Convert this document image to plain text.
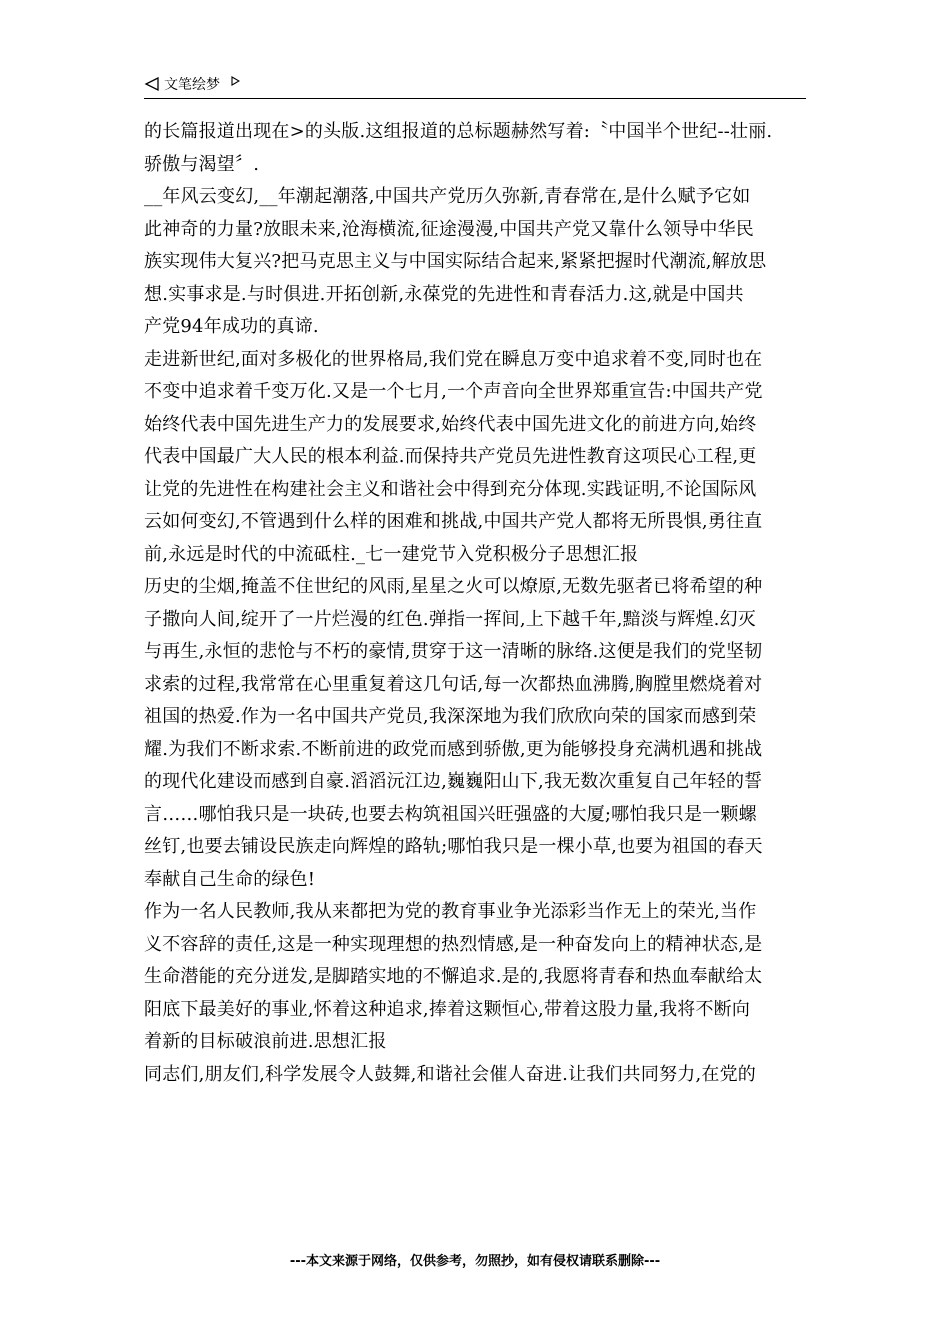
文笔绘梦
的长篇报道出现在>的头版.这组报道的总标题赫然写着:〝中国半个世纪--壮丽.
骄傲与渴望〞.
__年风云变幻,__年潮起潮落,中国共产党历久弥新,青春常在,是什么赋予它如
此神奇的力量?放眼未来,沧海横流,征途漫漫,中国共产党又靠什么领导中华民
族实现伟大复兴?把马克思主义与中国实际结合起来,紧紧把握时代潮流,解放思
想.实事求是.与时俱进.开拓创新,永葆党的先进性和青春活力.这,就是中国共
产党94年成功的真谛.
走进新世纪,面对多极化的世界格局,我们党在瞬息万变中追求着不变,同时也在
不变中追求着千变万化.又是一个七月,一个声音向全世界郑重宣告:中国共产党
始终代表中国先进生产力的发展要求,始终代表中国先进文化的前进方向,始终
代表中国最广大人民的根本利益.而保持共产党员先进性教育这项民心工程,更
让党的先进性在构建社会主义和谐社会中得到充分体现.实践证明,不论国际风
云如何变幻,不管遇到什么样的困难和挑战,中国共产党人都将无所畏惧,勇往直
前,永远是时代的中流砥柱._七一建党节入党积极分子思想汇报
历史的尘烟,掩盖不住世纪的风雨,星星之火可以燎原,无数先驱者已将希望的种
子撒向人间,绽开了一片烂漫的红色.弹指一挥间,上下越千年,黯淡与辉煌.幻灭
与再生,永恒的悲怆与不朽的豪情,贯穿于这一清晰的脉络.这便是我们的党坚韧
求索的过程,我常常在心里重复着这几句话,每一次都热血沸腾,胸膛里燃烧着对
祖国的热爱.作为一名中国共产党员,我深深地为我们欣欣向荣的国家而感到荣
耀.为我们不断求索.不断前进的政党而感到骄傲,更为能够投身充满机遇和挑战
的现代化建设而感到自豪.滔滔沅江边,巍巍阳山下,我无数次重复自己年轻的誓
言……哪怕我只是一块砖,也要去构筑祖国兴旺强盛的大厦;哪怕我只是一颗螺
丝钉,也要去铺设民族走向辉煌的路轨;哪怕我只是一棵小草,也要为祖国的春天
奉献自己生命的绿色!
作为一名人民教师,我从来都把为党的教育事业争光添彩当作无上的荣光,当作
义不容辞的责任,这是一种实现理想的热烈情感,是一种奋发向上的精神状态,是
生命潜能的充分迸发,是脚踏实地的不懈追求.是的,我愿将青春和热血奉献给太
阳底下最美好的事业,怀着这种追求,捧着这颗恒心,带着这股力量,我将不断向
着新的目标破浪前进.思想汇报
同志们,朋友们,科学发展令人鼓舞,和谐社会催人奋进.让我们共同努力,在党的
---本文来源于网络，仅供参考，勿照抄，如有侵权请联系删除---
